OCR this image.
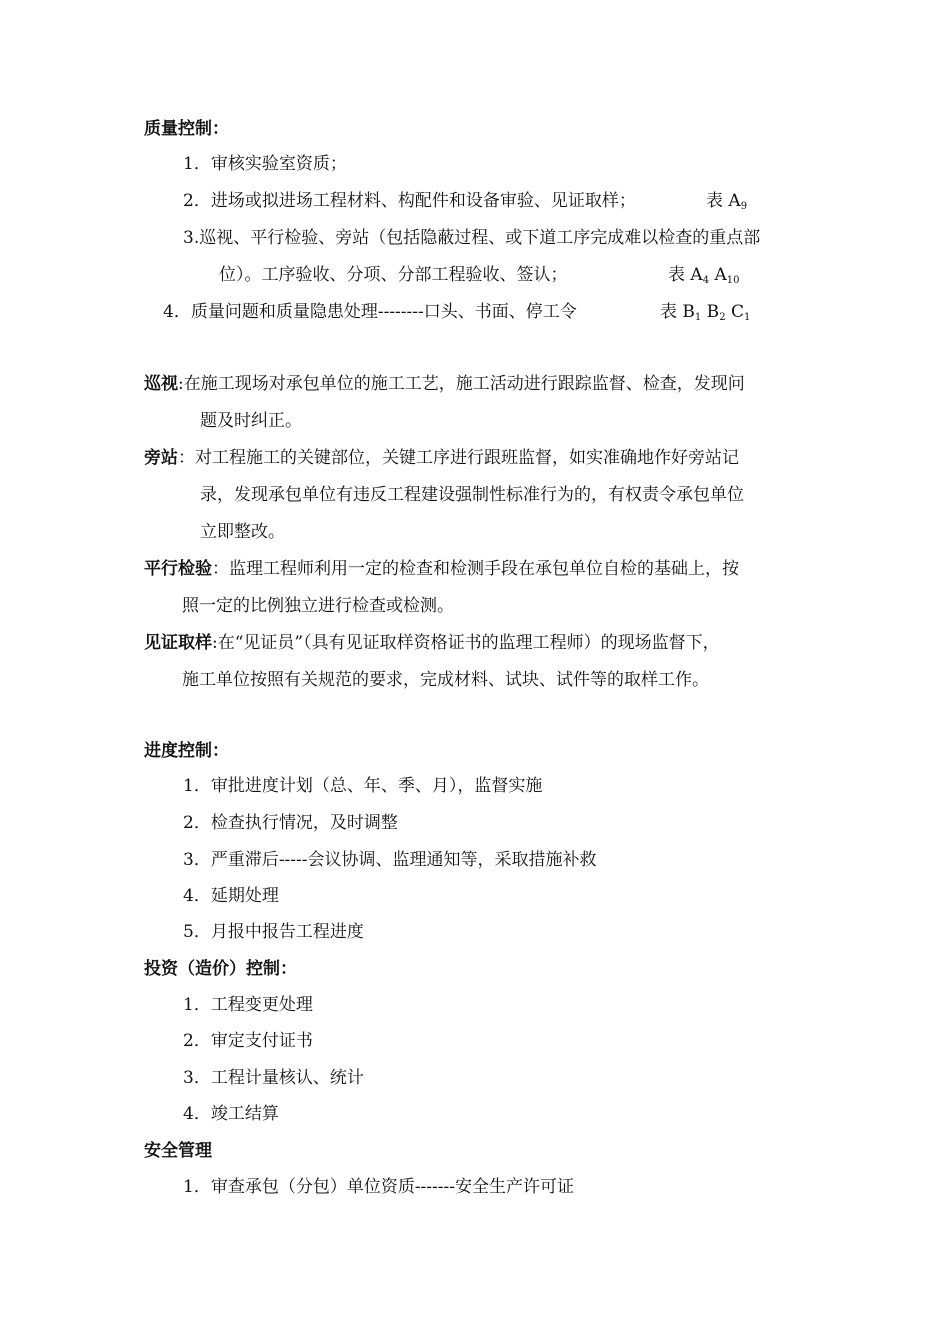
质量控制：
1．审核实验室资质；
2．进场或拟进场工程材料、构配件和设备审验、见证取样；	表 $A_9$
3.巡视、平行检验、旁站（包括隐蔽过程、或下道工序完成难以检查的重点部
位）。工序验收、分项、分部工程验收、签认；	表 $A_4$ $A_{10}$
4．质量问题和质量隐患处理--------口头、书面、停工令	表 $B_1$ $B_2$ $C_1$
巡视:在施工现场对承包单位的施工工艺，施工活动进行跟踪监督、检查，发现问
题及时纠正。
旁站：对工程施工的关键部位，关键工序进行跟班监督，如实准确地作好旁站记
录，发现承包单位有违反工程建设强制性标准行为的，有权责令承包单位
立即整改。
平行检验：监理工程师利用一定的检查和检测手段在承包单位自检的基础上，按
照一定的比例独立进行检查或检测。
见证取样:在“见证员”（具有见证取样资格证书的监理工程师）的现场监督下，
施工单位按照有关规范的要求，完成材料、试块、试件等的取样工作。
进度控制：
1．审批进度计划（总、年、季、月），监督实施
2．检查执行情况，及时调整
3．严重滞后-----会议协调、监理通知等，采取措施补救
4．延期处理
5．月报中报告工程进度
投资（造价）控制：
1．工程变更处理
2．审定支付证书
3．工程计量核认、统计
4．竣工结算
安全管理
1．审查承包（分包）单位资质-------安全生产许可证
